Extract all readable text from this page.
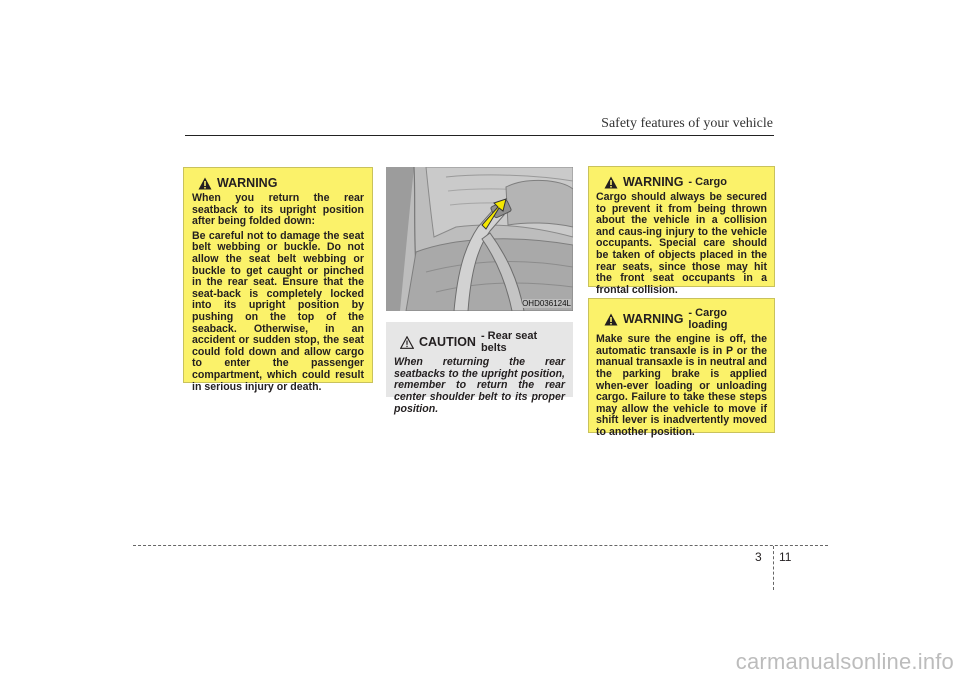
Safety features of your vehicle
WARNING

When you return the rear seatback to its upright position after being folded down:

Be careful not to damage the seat belt webbing or buckle. Do not allow the seat belt webbing or buckle to get caught or pinched in the rear seat. Ensure that the seat-back is completely locked into its upright position by pushing on the top of the seaback. Otherwise, in an accident or sudden stop, the seat could fold down and allow cargo to enter the passenger compartment, which could result in serious injury or death.

OHD036124L
CAUTION - Rear seat belts

When returning the rear seatbacks to the upright position, remember to return the rear center shoulder belt to its proper position.

WARNING - Cargo

Cargo should always be secured to prevent it from being thrown about the vehicle in a collision and caus-ing injury to the vehicle occupants. Special care should be taken of objects placed in the rear seats, since those may hit the front seat occupants in a frontal collision.

WARNING - Cargo loading

Make sure the engine is off, the automatic transaxle is in P or the manual transaxle is in neutral and the parking brake is applied when-ever loading or unloading cargo. Failure to take these steps may allow the vehicle to move if shift lever is inadvertently moved to another position.

3 11
carmanualsonline.info
